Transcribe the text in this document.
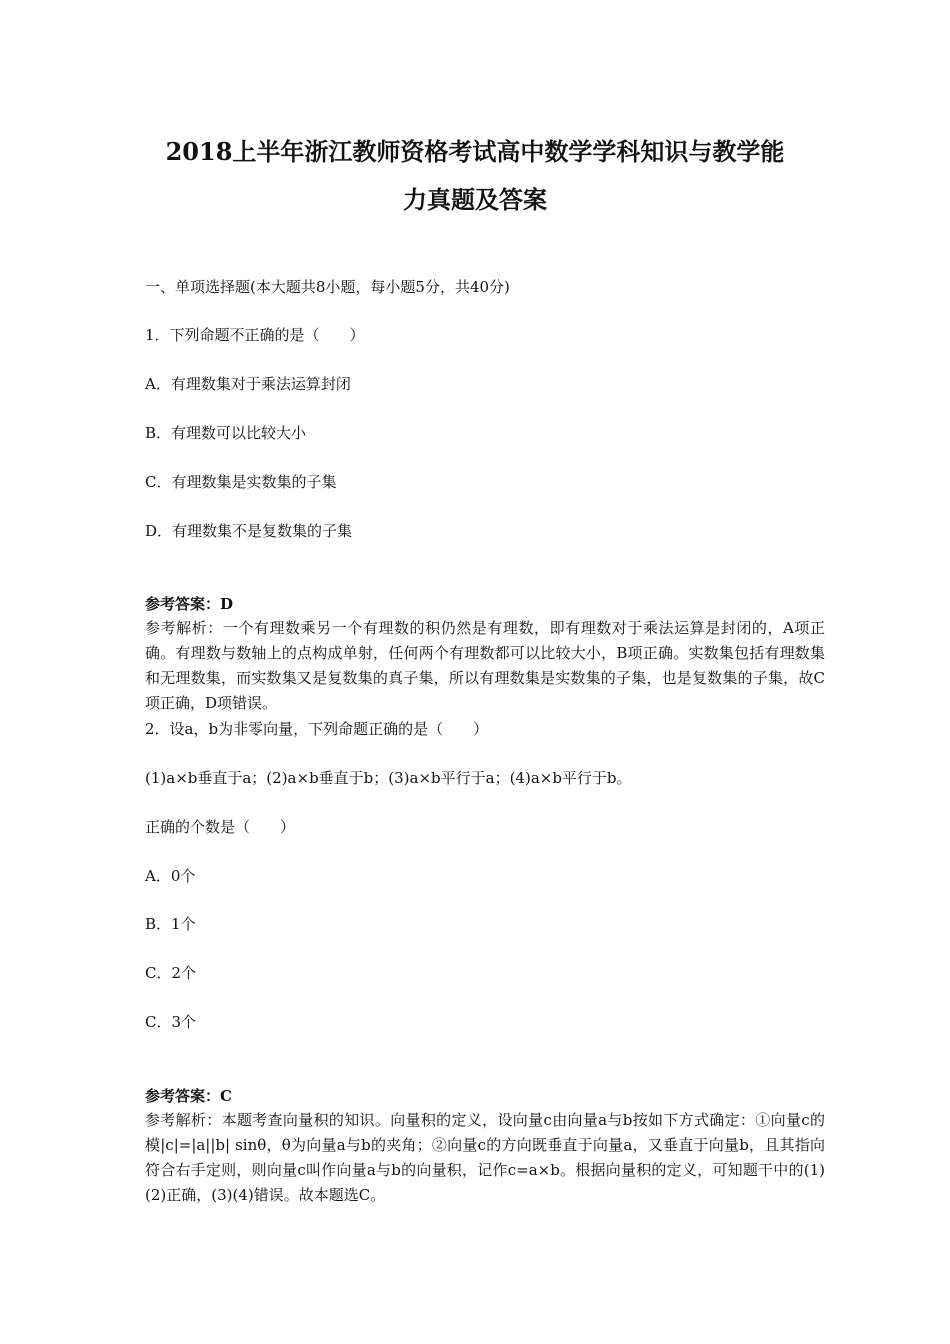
2018上半年浙江教师资格考试高中数学学科知识与教学能
力真题及答案

一、单项选择题(本大题共8小题，每小题5分，共40分)

1．下列命题不正确的是（　　）

A．有理数集对于乘法运算封闭

B．有理数可以比较大小

C．有理数集是实数集的子集

D．有理数集不是复数集的子集

参考答案：D

参考解析：一个有理数乘另一个有理数的积仍然是有理数，即有理数对于乘法运算是封闭的，A项正确。有理数与数轴上的点构成单射，任何两个有理数都可以比较大小，B项正确。实数集包括有理数集和无理数集，而实数集又是复数集的真子集，所以有理数集是实数集的子集，也是复数集的子集，故C项正确，D项错误。

2．设a，b为非零向量，下列命题正确的是（　　）

(1)a×b垂直于a；(2)a×b垂直于b；(3)a×b平行于a；(4)a×b平行于b。

正确的个数是（　　）

A．0个

B．1个

C．2个

C．3个

参考答案：C

参考解析：本题考查向量积的知识。向量积的定义，设向量c由向量a与b按如下方式确定：①向量c的模|c|=|a||b| sinθ，θ为向量a与b的夹角；②向量c的方向既垂直于向量a，又垂直于向量b，且其指向符合右手定则，则向量c叫作向量a与b的向量积，记作c=a×b。根据向量积的定义，可知题干中的(1)(2)正确，(3)(4)错误。故本题选C。
